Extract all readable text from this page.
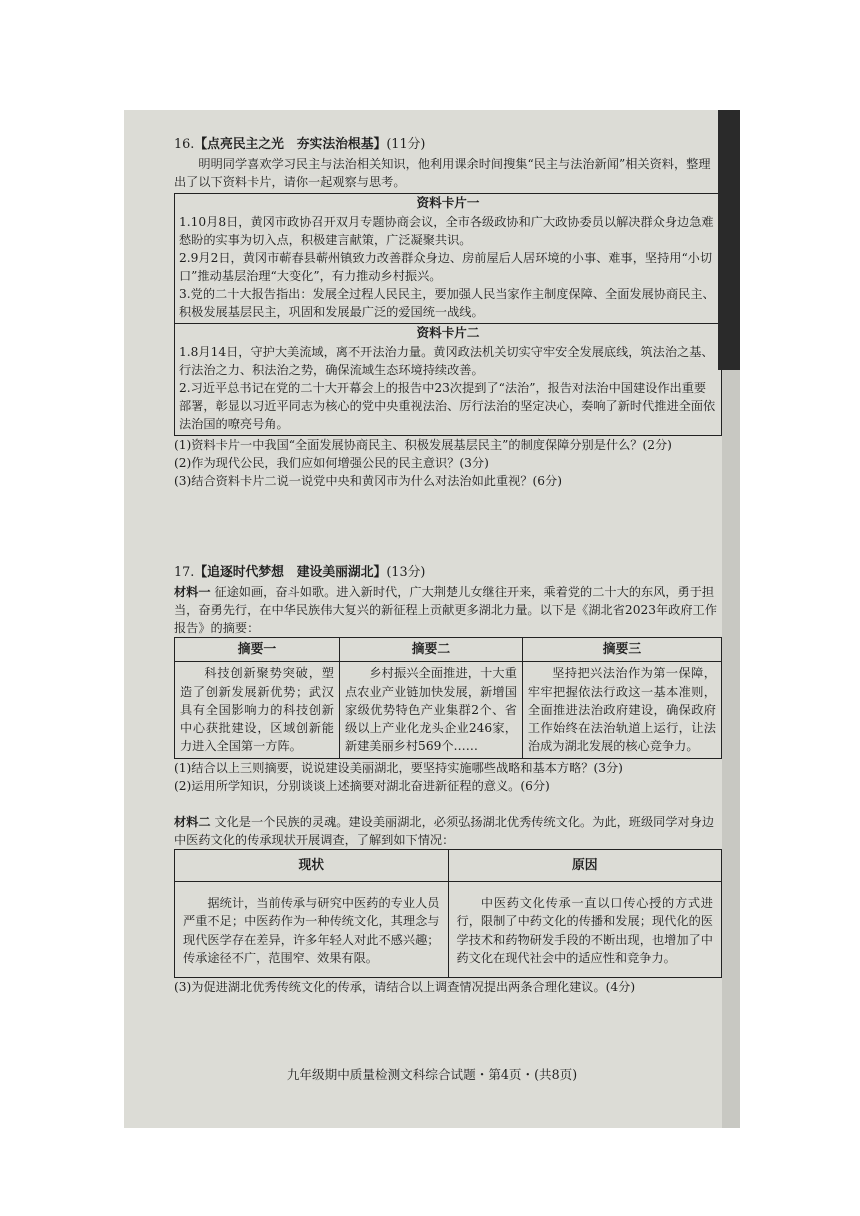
16.【点亮民主之光　夯实法治根基】(11分)

明明同学喜欢学习民主与法治相关知识，他利用课余时间搜集“民主与法治新闻”相关资料，整理出了以下资料卡片，请你一起观察与思考。

资料卡片一

1.10月8日，黄冈市政协召开双月专题协商会议，全市各级政协和广大政协委员以解决群众身边急难愁盼的实事为切入点，积极建言献策，广泛凝聚共识。

2.9月2日，黄冈市蕲春县蕲州镇致力改善群众身边、房前屋后人居环境的小事、难事，坚持用“小切口”推动基层治理“大变化”，有力推动乡村振兴。

3.党的二十大报告指出：发展全过程人民民主，要加强人民当家作主制度保障、全面发展协商民主、积极发展基层民主，巩固和发展最广泛的爱国统一战线。

资料卡片二

1.8月14日，守护大美流域，离不开法治力量。黄冈政法机关切实守牢安全发展底线，筑法治之基、行法治之力、积法治之势，确保流域生态环境持续改善。

2.习近平总书记在党的二十大开幕会上的报告中23次提到了“法治”，报告对法治中国建设作出重要部署，彰显以习近平同志为核心的党中央重视法治、厉行法治的坚定决心，奏响了新时代推进全面依法治国的嘹亮号角。

(1)资料卡片一中我国“全面发展协商民主、积极发展基层民主”的制度保障分别是什么？(2分)

(2)作为现代公民，我们应如何增强公民的民主意识？(3分)

(3)结合资料卡片二说一说党中央和黄冈市为什么对法治如此重视？(6分)

17.【追逐时代梦想　建设美丽湖北】(13分)

材料一 征途如画，奋斗如歌。进入新时代，广大荆楚儿女继往开来，乘着党的二十大的东风，勇于担当，奋勇先行，在中华民族伟大复兴的新征程上贡献更多湖北力量。以下是《湖北省2023年政府工作报告》的摘要：

摘要一	摘要二	摘要三
科技创新聚势突破，塑造了创新发展新优势；武汉具有全国影响力的科技创新中心获批建设，区域创新能力进入全国第一方阵。	乡村振兴全面推进，十大重点农业产业链加快发展，新增国家级优势特色产业集群2个、省级以上产业化龙头企业246家，新建美丽乡村569个……	坚持把兴法治作为第一保障，牢牢把握依法行政这一基本准则，全面推进法治政府建设，确保政府工作始终在法治轨道上运行，让法治成为湖北发展的核心竞争力。

(1)结合以上三则摘要，说说建设美丽湖北，要坚持实施哪些战略和基本方略？(3分)

(2)运用所学知识，分别谈谈上述摘要对湖北奋进新征程的意义。(6分)

材料二 文化是一个民族的灵魂。建设美丽湖北，必须弘扬湖北优秀传统文化。为此，班级同学对身边中医药文化的传承现状开展调查，了解到如下情况：

现状	原因
据统计，当前传承与研究中医药的专业人员严重不足；中医药作为一种传统文化，其理念与现代医学存在差异，许多年轻人对此不感兴趣；传承途径不广，范围窄、效果有限。	中医药文化传承一直以口传心授的方式进行，限制了中药文化的传播和发展；现代化的医学技术和药物研发手段的不断出现，也增加了中药文化在现代社会中的适应性和竞争力。

(3)为促进湖北优秀传统文化的传承，请结合以上调查情况提出两条合理化建议。(4分)

九年级期中质量检测文科综合试题・第4页・(共8页)
